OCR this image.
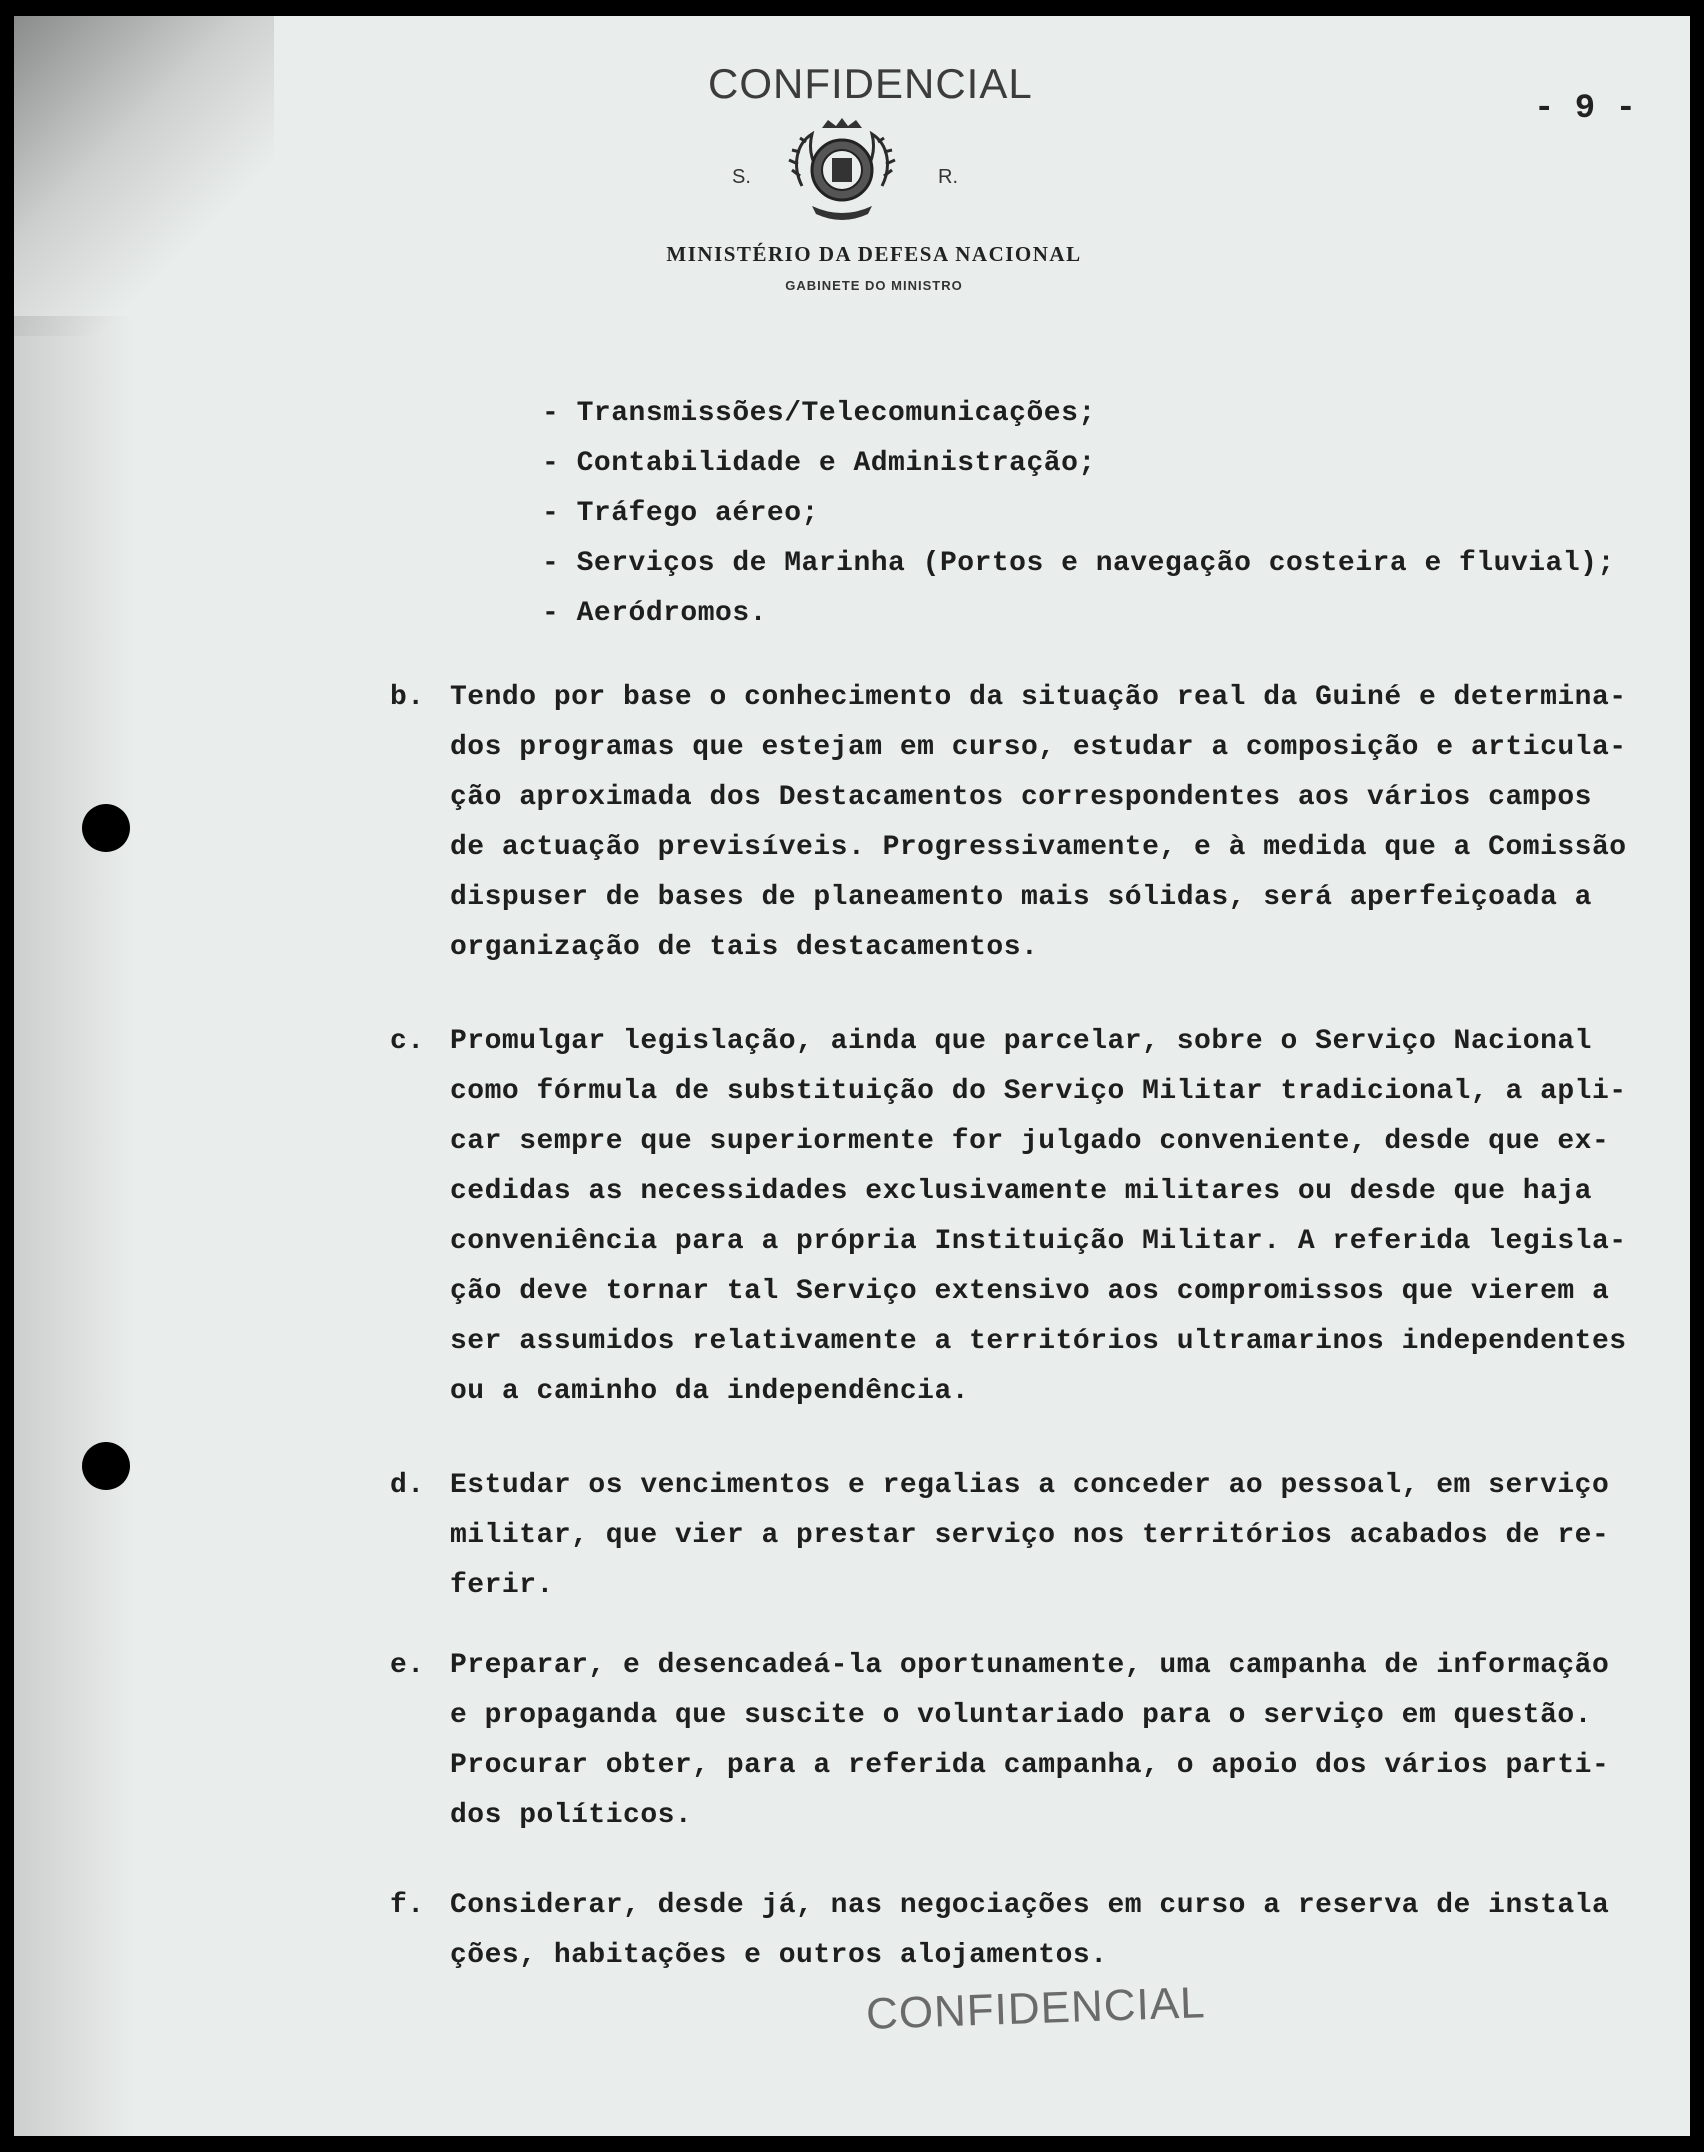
CONFIDENCIAL
- 9 -
S.	R.
MINISTÉRIO DA DEFESA NACIONAL
GABINETE DO MINISTRO
- Transmissões/Telecomunicações;
- Contabilidade e Administração;
- Tráfego aéreo;
- Serviços de Marinha (Portos e navegação costeira e fluvial);
- Aeródromos.
b. Tendo por base o conhecimento da situação real da Guiné e determina-
dos programas que estejam em curso, estudar a composição e articula-
ção aproximada dos Destacamentos correspondentes aos vários campos
de actuação previsíveis. Progressivamente, e à medida que a Comissão
dispuser de bases de planeamento mais sólidas, será aperfeiçoada a
organização de tais destacamentos.
c. Promulgar legislação, ainda que parcelar, sobre o Serviço Nacional
como fórmula de substituição do Serviço Militar tradicional, a apli-
car sempre que superiormente for julgado conveniente, desde que ex-
cedidas as necessidades exclusivamente militares ou desde que haja
conveniência para a própria Instituição Militar. A referida legisla-
ção deve tornar tal Serviço extensivo aos compromissos que vierem a
ser assumidos relativamente a territórios ultramarinos independentes
ou a caminho da independência.
d. Estudar os vencimentos e regalias a conceder ao pessoal, em serviço
militar, que vier a prestar serviço nos territórios acabados de re-
ferir.
e. Preparar, e desencadeá-la oportunamente, uma campanha de informação
e propaganda que suscite o voluntariado para o serviço em questão.
Procurar obter, para a referida campanha, o apoio dos vários parti-
dos políticos.
f. Considerar, desde já, nas negociações em curso a reserva de instala
ções, habitações e outros alojamentos.
CONFIDENCIAL
